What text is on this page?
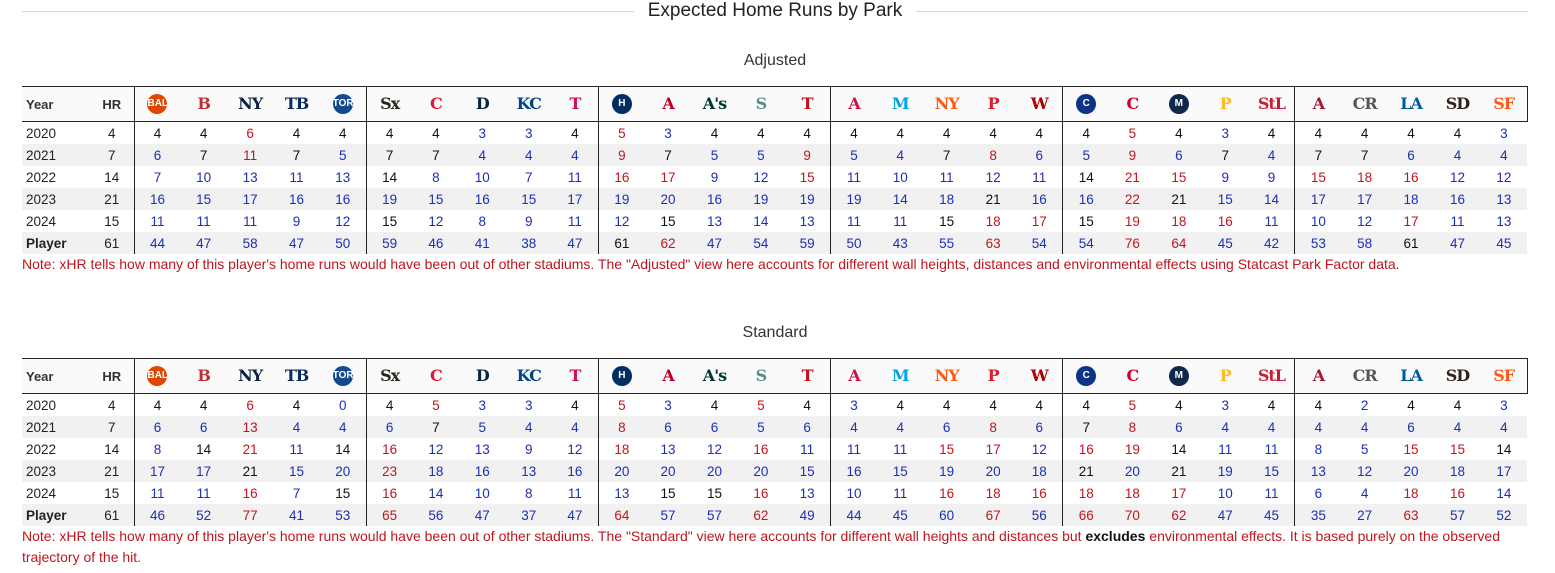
Expected Home Runs by Park
Adjusted
Year	HR	BAL	B	NY	TB	TOR	Sx	C	D	KC	T	H	A	A's	S	T	A	M	NY	P	W	C	C	M	P	StL	A	CR	LA	SD	SF
2020	4	4	4	6	4	4	4	4	3	3	4	5	3	4	4	4	4	4	4	4	4	4	5	4	3	4	4	4	4	4	3
2021	7	6	7	11	7	5	7	7	4	4	4	9	7	5	5	9	5	4	7	8	6	5	9	6	7	4	7	7	6	4	4
2022	14	7	10	13	11	13	14	8	10	7	11	16	17	9	12	15	11	10	11	12	11	14	21	15	9	9	15	18	16	12	12
2023	21	16	15	17	16	16	19	15	16	15	17	19	20	16	19	19	19	14	18	21	16	16	22	21	15	14	17	17	18	16	13
2024	15	11	11	11	9	12	15	12	8	9	11	12	15	13	14	13	11	11	15	18	17	15	19	18	16	11	10	12	17	11	13
Player	61	44	47	58	47	50	59	46	41	38	47	61	62	47	54	59	50	43	55	63	54	54	76	64	45	42	53	58	61	47	45
Note: xHR tells how many of this player's home runs would have been out of other stadiums. The "Adjusted" view here accounts for different wall heights, distances and environmental effects using Statcast Park Factor data.
Standard
Year	HR	BAL	B	NY	TB	TOR	Sx	C	D	KC	T	H	A	A's	S	T	A	M	NY	P	W	C	C	M	P	StL	A	CR	LA	SD	SF
2020	4	4	4	6	4	0	4	5	3	3	4	5	3	4	5	4	3	4	4	4	4	4	5	4	3	4	4	2	4	4	3
2021	7	6	6	13	4	4	6	7	5	4	4	8	6	6	5	6	4	4	6	8	6	7	8	6	4	4	4	4	6	4	4
2022	14	8	14	21	11	14	16	12	13	9	12	18	13	12	16	11	11	11	15	17	12	16	19	14	11	11	8	5	15	15	14
2023	21	17	17	21	15	20	23	18	16	13	16	20	20	20	20	15	16	15	19	20	18	21	20	21	19	15	13	12	20	18	17
2024	15	11	11	16	7	15	16	14	10	8	11	13	15	15	16	13	10	11	16	18	16	18	18	17	10	11	6	4	18	16	14
Player	61	46	52	77	41	53	65	56	47	37	47	64	57	57	62	49	44	45	60	67	56	66	70	62	47	45	35	27	63	57	52
Note: xHR tells how many of this player's home runs would have been out of other stadiums. The "Standard" view here accounts for different wall heights and distances but excludes environmental effects. It is based purely on the observed trajectory of the hit.
